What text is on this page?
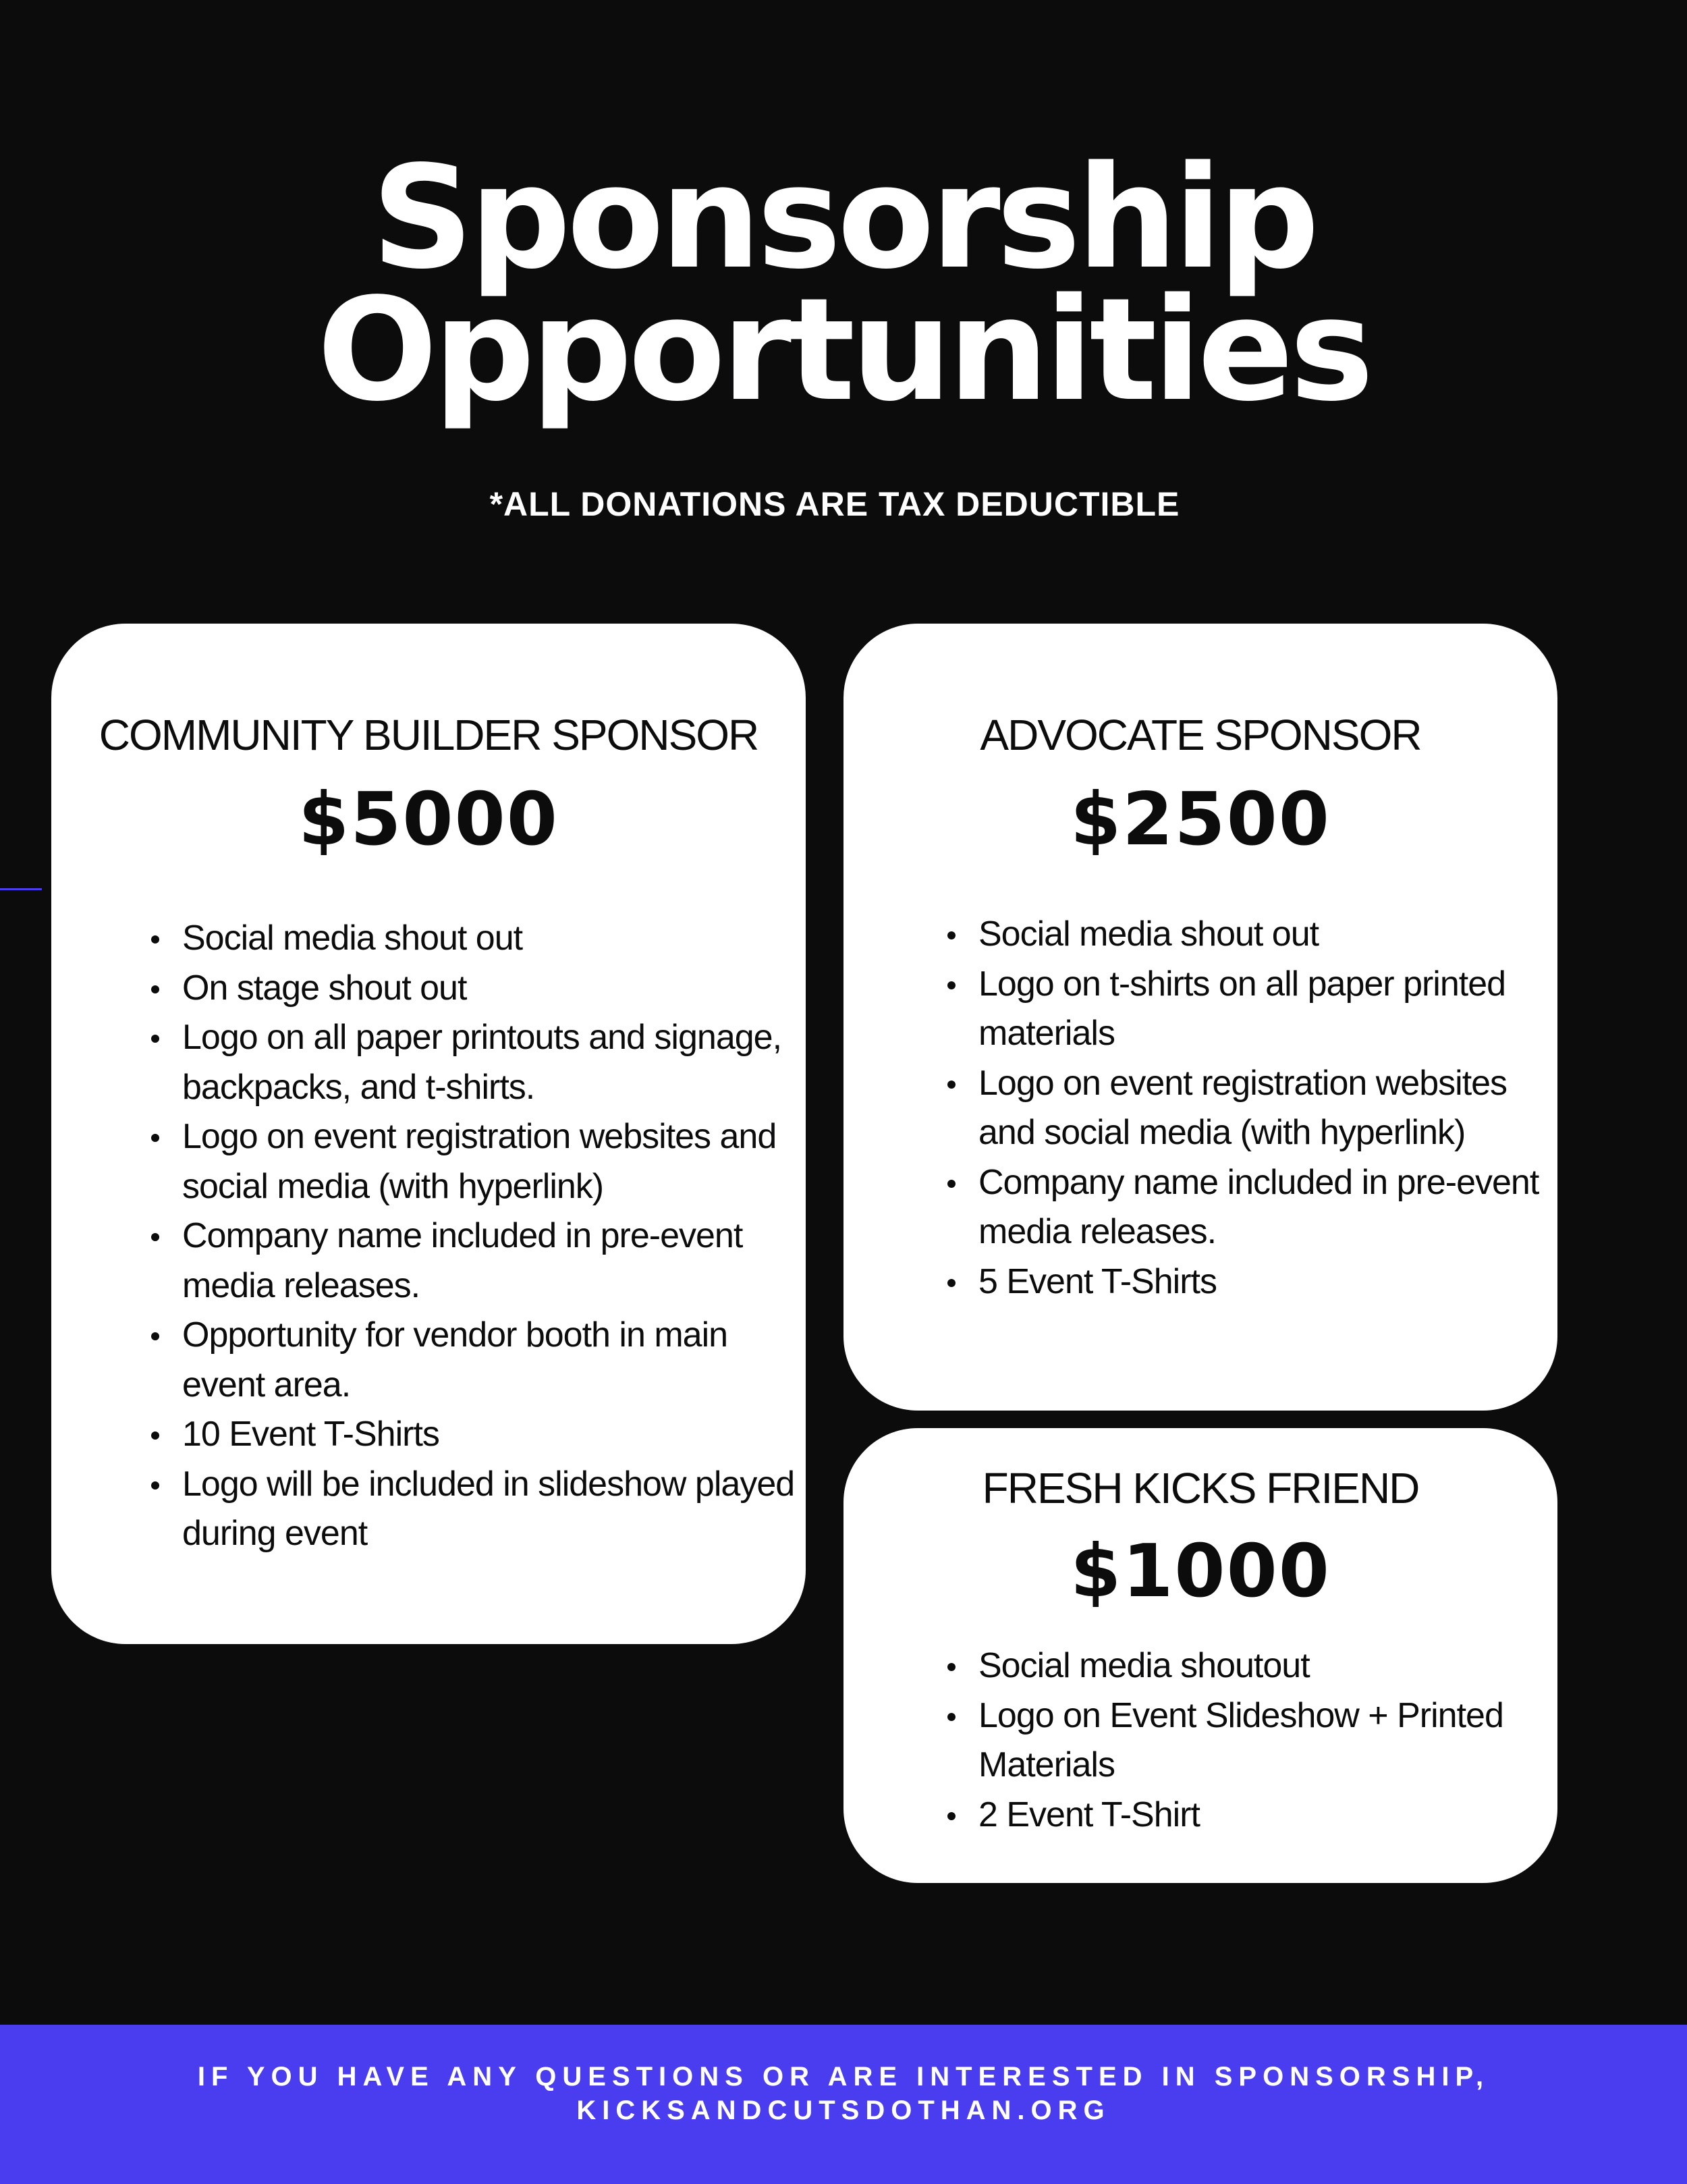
Sponsorship
Opportunities
*ALL DONATIONS ARE TAX DEDUCTIBLE
COMMUNITY BUILDER SPONSOR
$5000
Social media shout out
On stage shout out
Logo on all paper printouts and signage, backpacks, and t-shirts.
Logo on event registration websites and social media (with hyperlink)
Company name included in pre-event media releases.
Opportunity for vendor booth in main event area.
10 Event T-Shirts
Logo will be included in slideshow played during event
ADVOCATE SPONSOR
$2500
Social media shout out
Logo on t-shirts on all paper printed materials
Logo on event registration websites and social media (with hyperlink)
Company name included in pre-event media releases.
5 Event T-Shirts
FRESH KICKS FRIEND
$1000
Social media shoutout
Logo on Event Slideshow + Printed Materials
2 Event T-Shirt
IF YOU HAVE ANY QUESTIONS OR ARE INTERESTED IN SPONSORSHIP,
KICKSANDCUTSDOTHAN.ORG
